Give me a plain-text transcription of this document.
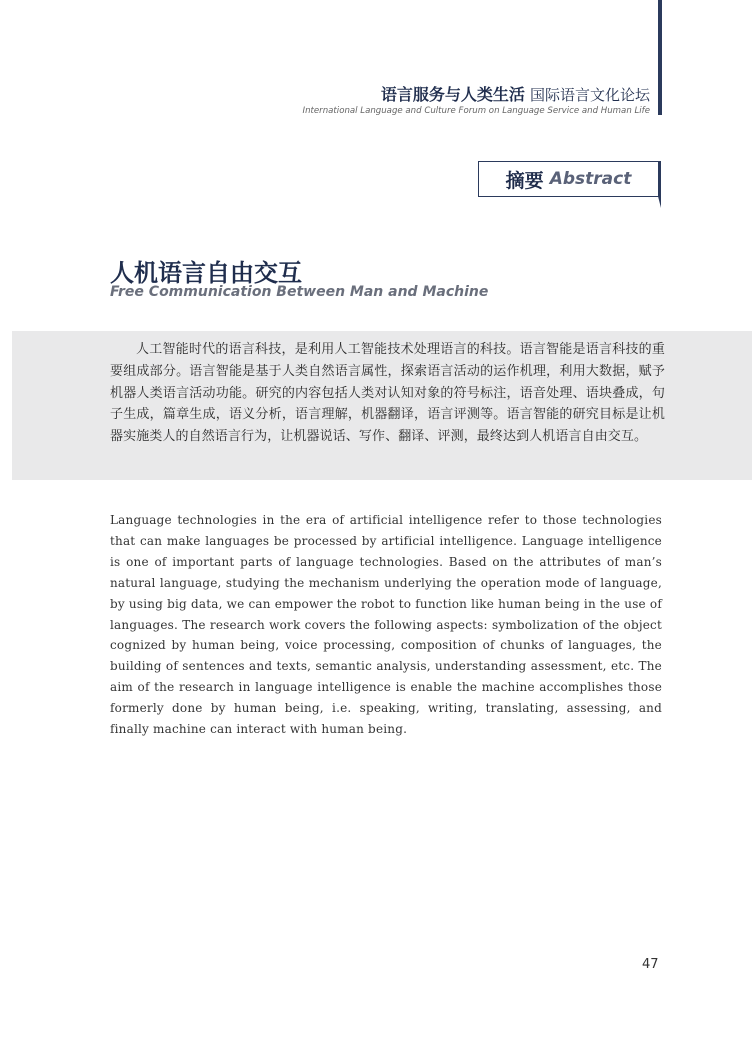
语言服务与人类生活 国际语言文化论坛
International Language and Culture Forum on Language Service and Human Life
摘要 Abstract
人机语言自由交互
Free Communication Between Man and Machine

人工智能时代的语言科技，是利用人工智能技术处理语言的科技。语言智能是语言科技的重要组成部分。语言智能是基于人类自然语言属性，探索语言活动的运作机理，利用大数据，赋予机器人类语言活动功能。研究的内容包括人类对认知对象的符号标注，语音处理、语块叠成，句子生成，篇章生成，语义分析，语言理解，机器翻译，语言评测等。语言智能的研究目标是让机器实施类人的自然语言行为，让机器说话、写作、翻译、评测，最终达到人机语言自由交互。

Language technologies in the era of artificial intelligence refer to those technologies that can make languages be processed by artificial intelligence. Language intelligence is one of important parts of language technologies. Based on the attributes of man’s natural language, studying the mechanism underlying the operation mode of language, by using big data, we can empower the robot to function like human being in the use of languages. The research work covers the following aspects: symbolization of the object cognized by human being, voice processing, composition of chunks of languages, the building of sentences and texts, semantic analysis, understanding assessment, etc. The aim of the research in language intelligence is enable the machine accomplishes those formerly done by human being, i.e. speaking, writing, translating, assessing, and finally machine can interact with human being.

47
